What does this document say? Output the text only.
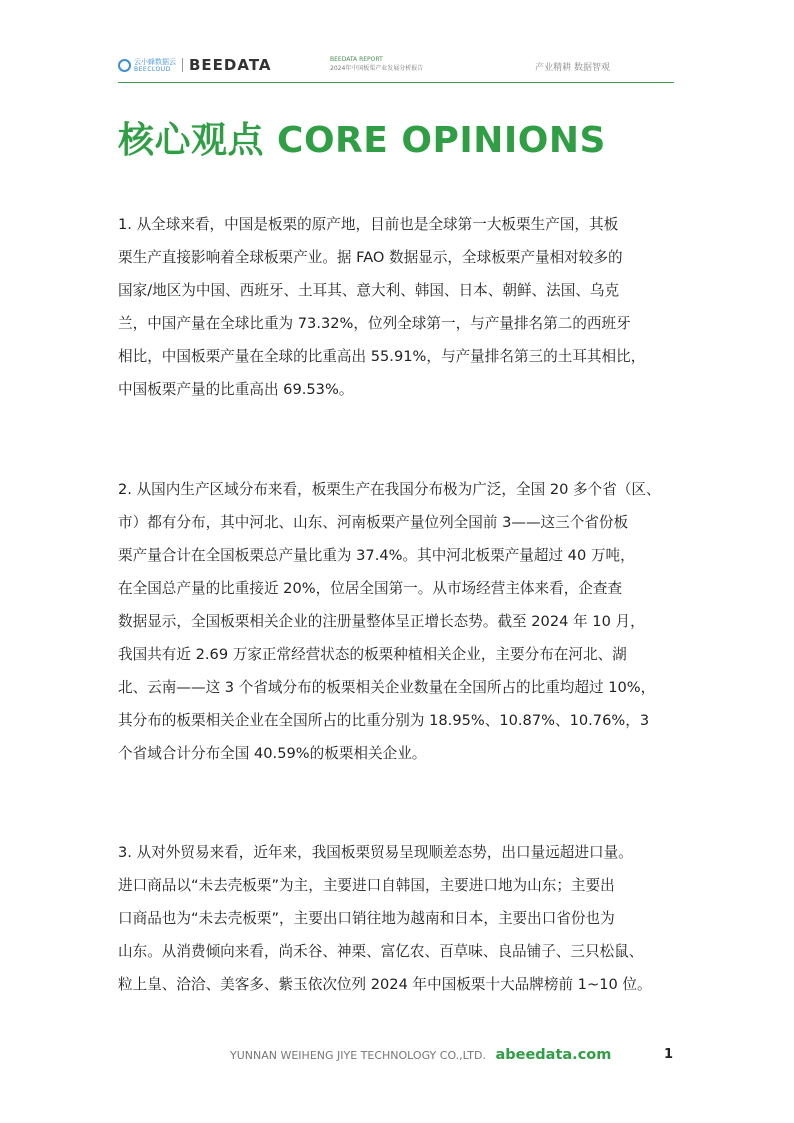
云小蜂数据云
BEECLOUD	BEEDATA	BEEDATA REPORT
2024年中国板栗产业发展分析报告	产业精耕 数据智观
核心观点 CORE OPINIONS
1. 从全球来看，中国是板栗的原产地，目前也是全球第一大板栗生产国，其板
栗生产直接影响着全球板栗产业。据 FAO 数据显示，全球板栗产量相对较多的
国家/地区为中国、西班牙、土耳其、意大利、韩国、日本、朝鲜、法国、乌克
兰，中国产量在全球比重为 73.32%，位列全球第一，与产量排名第二的西班牙
相比，中国板栗产量在全球的比重高出 55.91%，与产量排名第三的土耳其相比，
中国板栗产量的比重高出 69.53%。
2. 从国内生产区域分布来看，板栗生产在我国分布极为广泛，全国 20 多个省（区、
市）都有分布，其中河北、山东、河南板栗产量位列全国前 3——这三个省份板
栗产量合计在全国板栗总产量比重为 37.4%。其中河北板栗产量超过 40 万吨，
在全国总产量的比重接近 20%，位居全国第一。从市场经营主体来看，企查查
数据显示，全国板栗相关企业的注册量整体呈正增长态势。截至 2024 年 10 月，
我国共有近 2.69 万家正常经营状态的板栗种植相关企业，主要分布在河北、湖
北、云南——这 3 个省域分布的板栗相关企业数量在全国所占的比重均超过 10%，
其分布的板栗相关企业在全国所占的比重分别为 18.95%、10.87%、10.76%，3
个省域合计分布全国 40.59%的板栗相关企业。
3. 从对外贸易来看，近年来，我国板栗贸易呈现顺差态势，出口量远超进口量。
进口商品以“未去壳板栗”为主，主要进口自韩国，主要进口地为山东；主要出
口商品也为“未去壳板栗”，主要出口销往地为越南和日本，主要出口省份也为
山东。从消费倾向来看，尚禾谷、神栗、富亿农、百草味、良品铺子、三只松鼠、
粒上皇、洽洽、美客多、紫玉依次位列 2024 年中国板栗十大品牌榜前 1~10 位。
YUNNAN WEIHENG JIYE TECHNOLOGY CO.,LTD. abeedata.com	1
